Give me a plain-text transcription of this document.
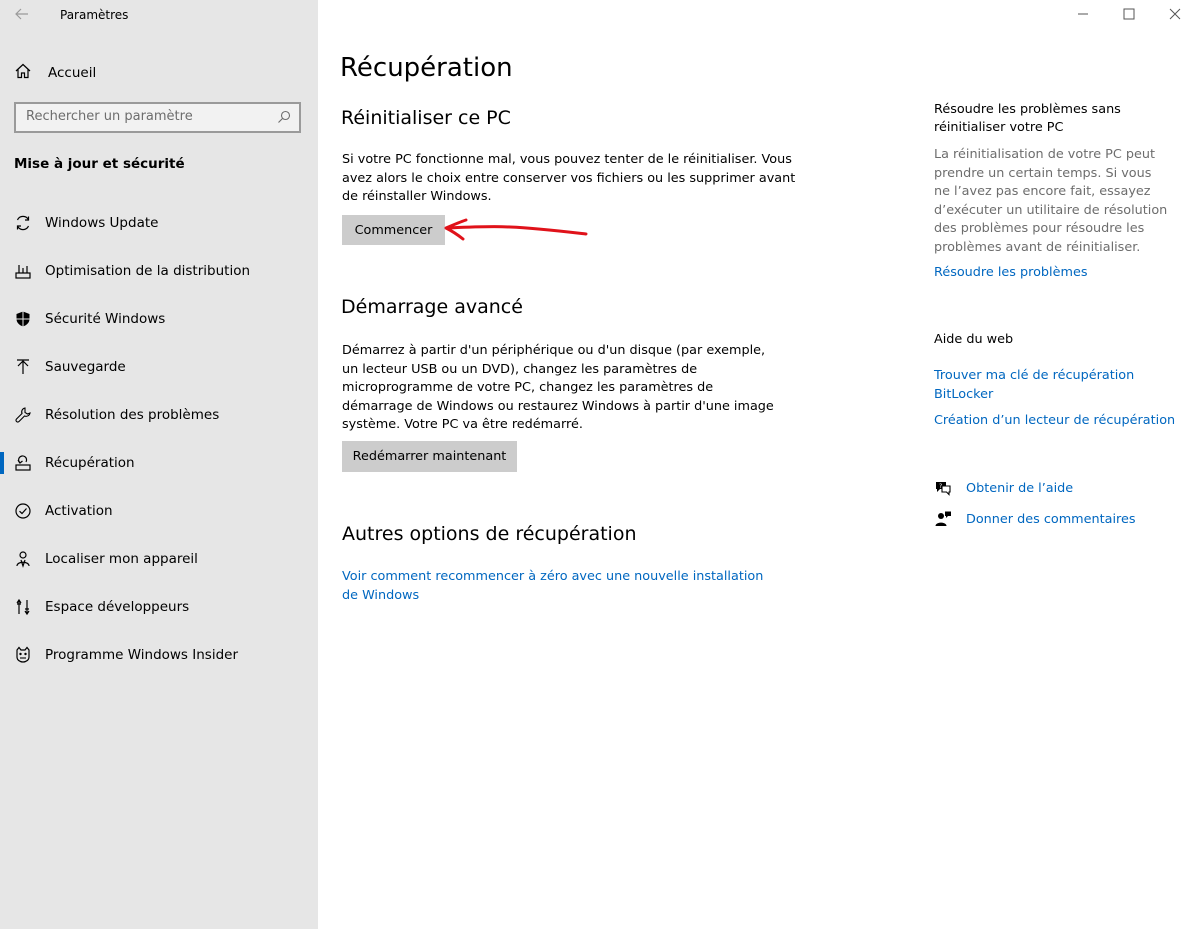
Paramètres
Accueil
Rechercher un paramètre
Mise à jour et sécurité
Windows Update
Optimisation de la distribution
Sécurité Windows
Sauvegarde
Résolution des problèmes
Récupération
Activation
Localiser mon appareil
Espace développeurs
Programme Windows Insider
Récupération
Réinitialiser ce PC
Si votre PC fonctionne mal, vous pouvez tenter de le réinitialiser. Vous avez alors le choix entre conserver vos fichiers ou les supprimer avant de réinstaller Windows.
Commencer
Démarrage avancé
Démarrez à partir d'un périphérique ou d'un disque (par exemple, un lecteur USB ou un DVD), changez les paramètres de microprogramme de votre PC, changez les paramètres de démarrage de Windows ou restaurez Windows à partir d'une image système. Votre PC va être redémarré.
Redémarrer maintenant
Autres options de récupération
Voir comment recommencer à zéro avec une nouvelle installation de Windows
Résoudre les problèmes sans réinitialiser votre PC
La réinitialisation de votre PC peut prendre un certain temps. Si vous ne l’avez pas encore fait, essayez d’exécuter un utilitaire de résolution des problèmes pour résoudre les problèmes avant de réinitialiser.
Résoudre les problèmes
Aide du web
Trouver ma clé de récupération BitLocker
Création d’un lecteur de récupération
? Obtenir de l’aide
Donner des commentaires
